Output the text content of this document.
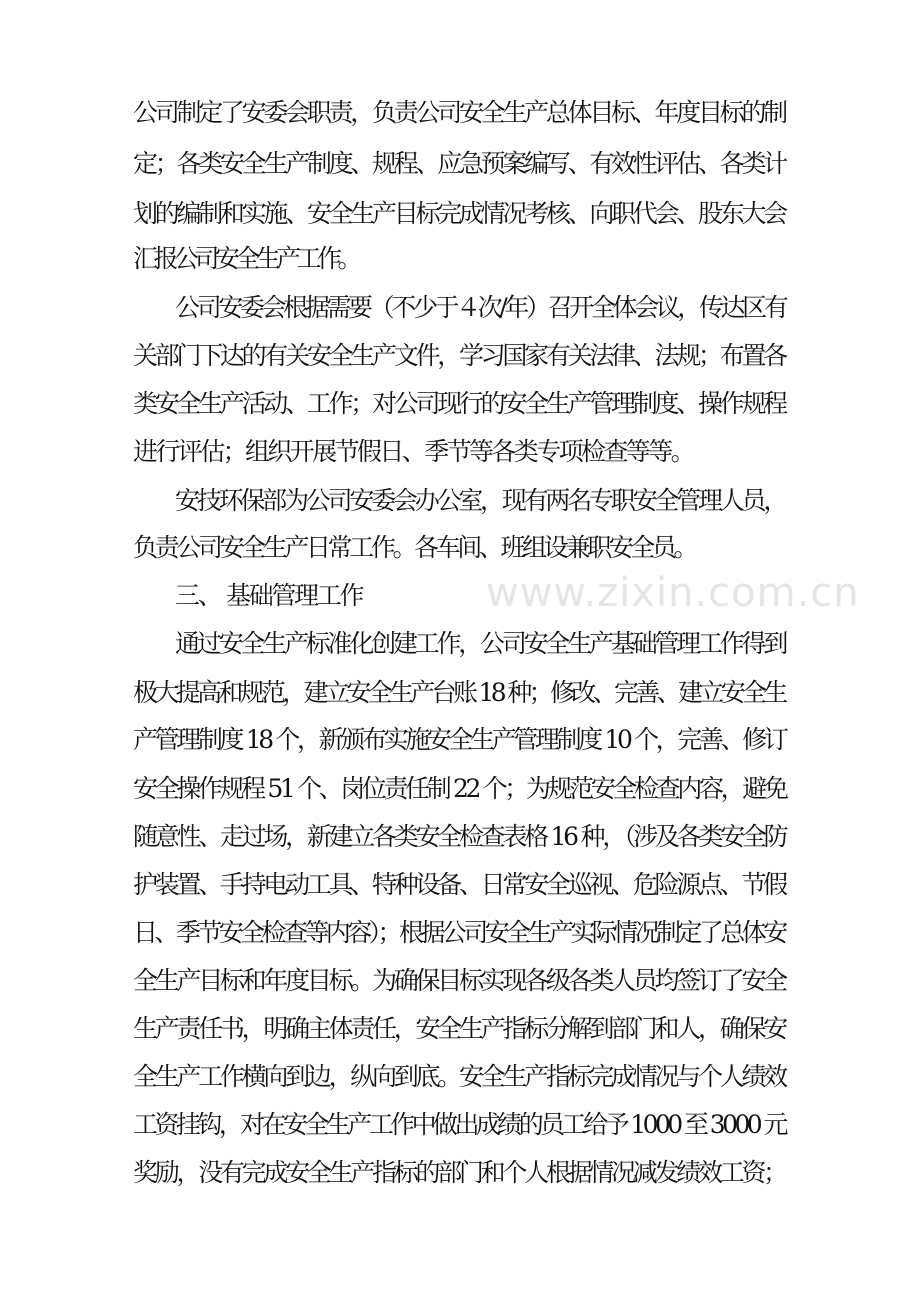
www.zixin.com.cn
公司制定了安委会职责，负责公司安全生产总体目标、年度目标的制
定；各类安全生产制度、规程、应急预案编写、有效性评估、各类计
划的编制和实施、安全生产目标完成情况考核、向职代会、股东大会
汇报公司安全生产工作。
公司安委会根据需要（不少于４次/年）召开全体会议，传达区有
关部门下达的有关安全生产文件，学习国家有关法律、法规；布置各
类安全生产活动、工作；对公司现行的安全生产管理制度、操作规程
进行评估；组织开展节假日、季节等各类专项检查等等。
安技环保部为公司安委会办公室，现有两名专职安全管理人员，
负责公司安全生产日常工作。各车间、班组设兼职安全员。
三、 基础管理工作
通过安全生产标准化创建工作，公司安全生产基础管理工作得到
极大提高和规范，建立安全生产台账 18 种；修改、完善、建立安全生
产管理制度 18 个，新颁布实施安全生产管理制度 10 个，完善、修订
安全操作规程 51 个、岗位责任制 22 个；为规范安全检查内容，避免
随意性、走过场，新建立各类安全检查表格 16 种，（涉及各类安全防
护装置、手持电动工具、特种设备、日常安全巡视、危险源点、节假
日、季节安全检查等内容）；根据公司安全生产实际情况制定了总体安
全生产目标和年度目标。为确保目标实现各级各类人员均签订了安全
生产责任书，明确主体责任，安全生产指标分解到部门和人，确保安
全生产工作横向到边，纵向到底。安全生产指标完成情况与个人绩效
工资挂钩，对在安全生产工作中做出成绩的员工给予 1000 至 3000 元
奖励，没有完成安全生产指标的部门和个人根据情况减发绩效工资；
